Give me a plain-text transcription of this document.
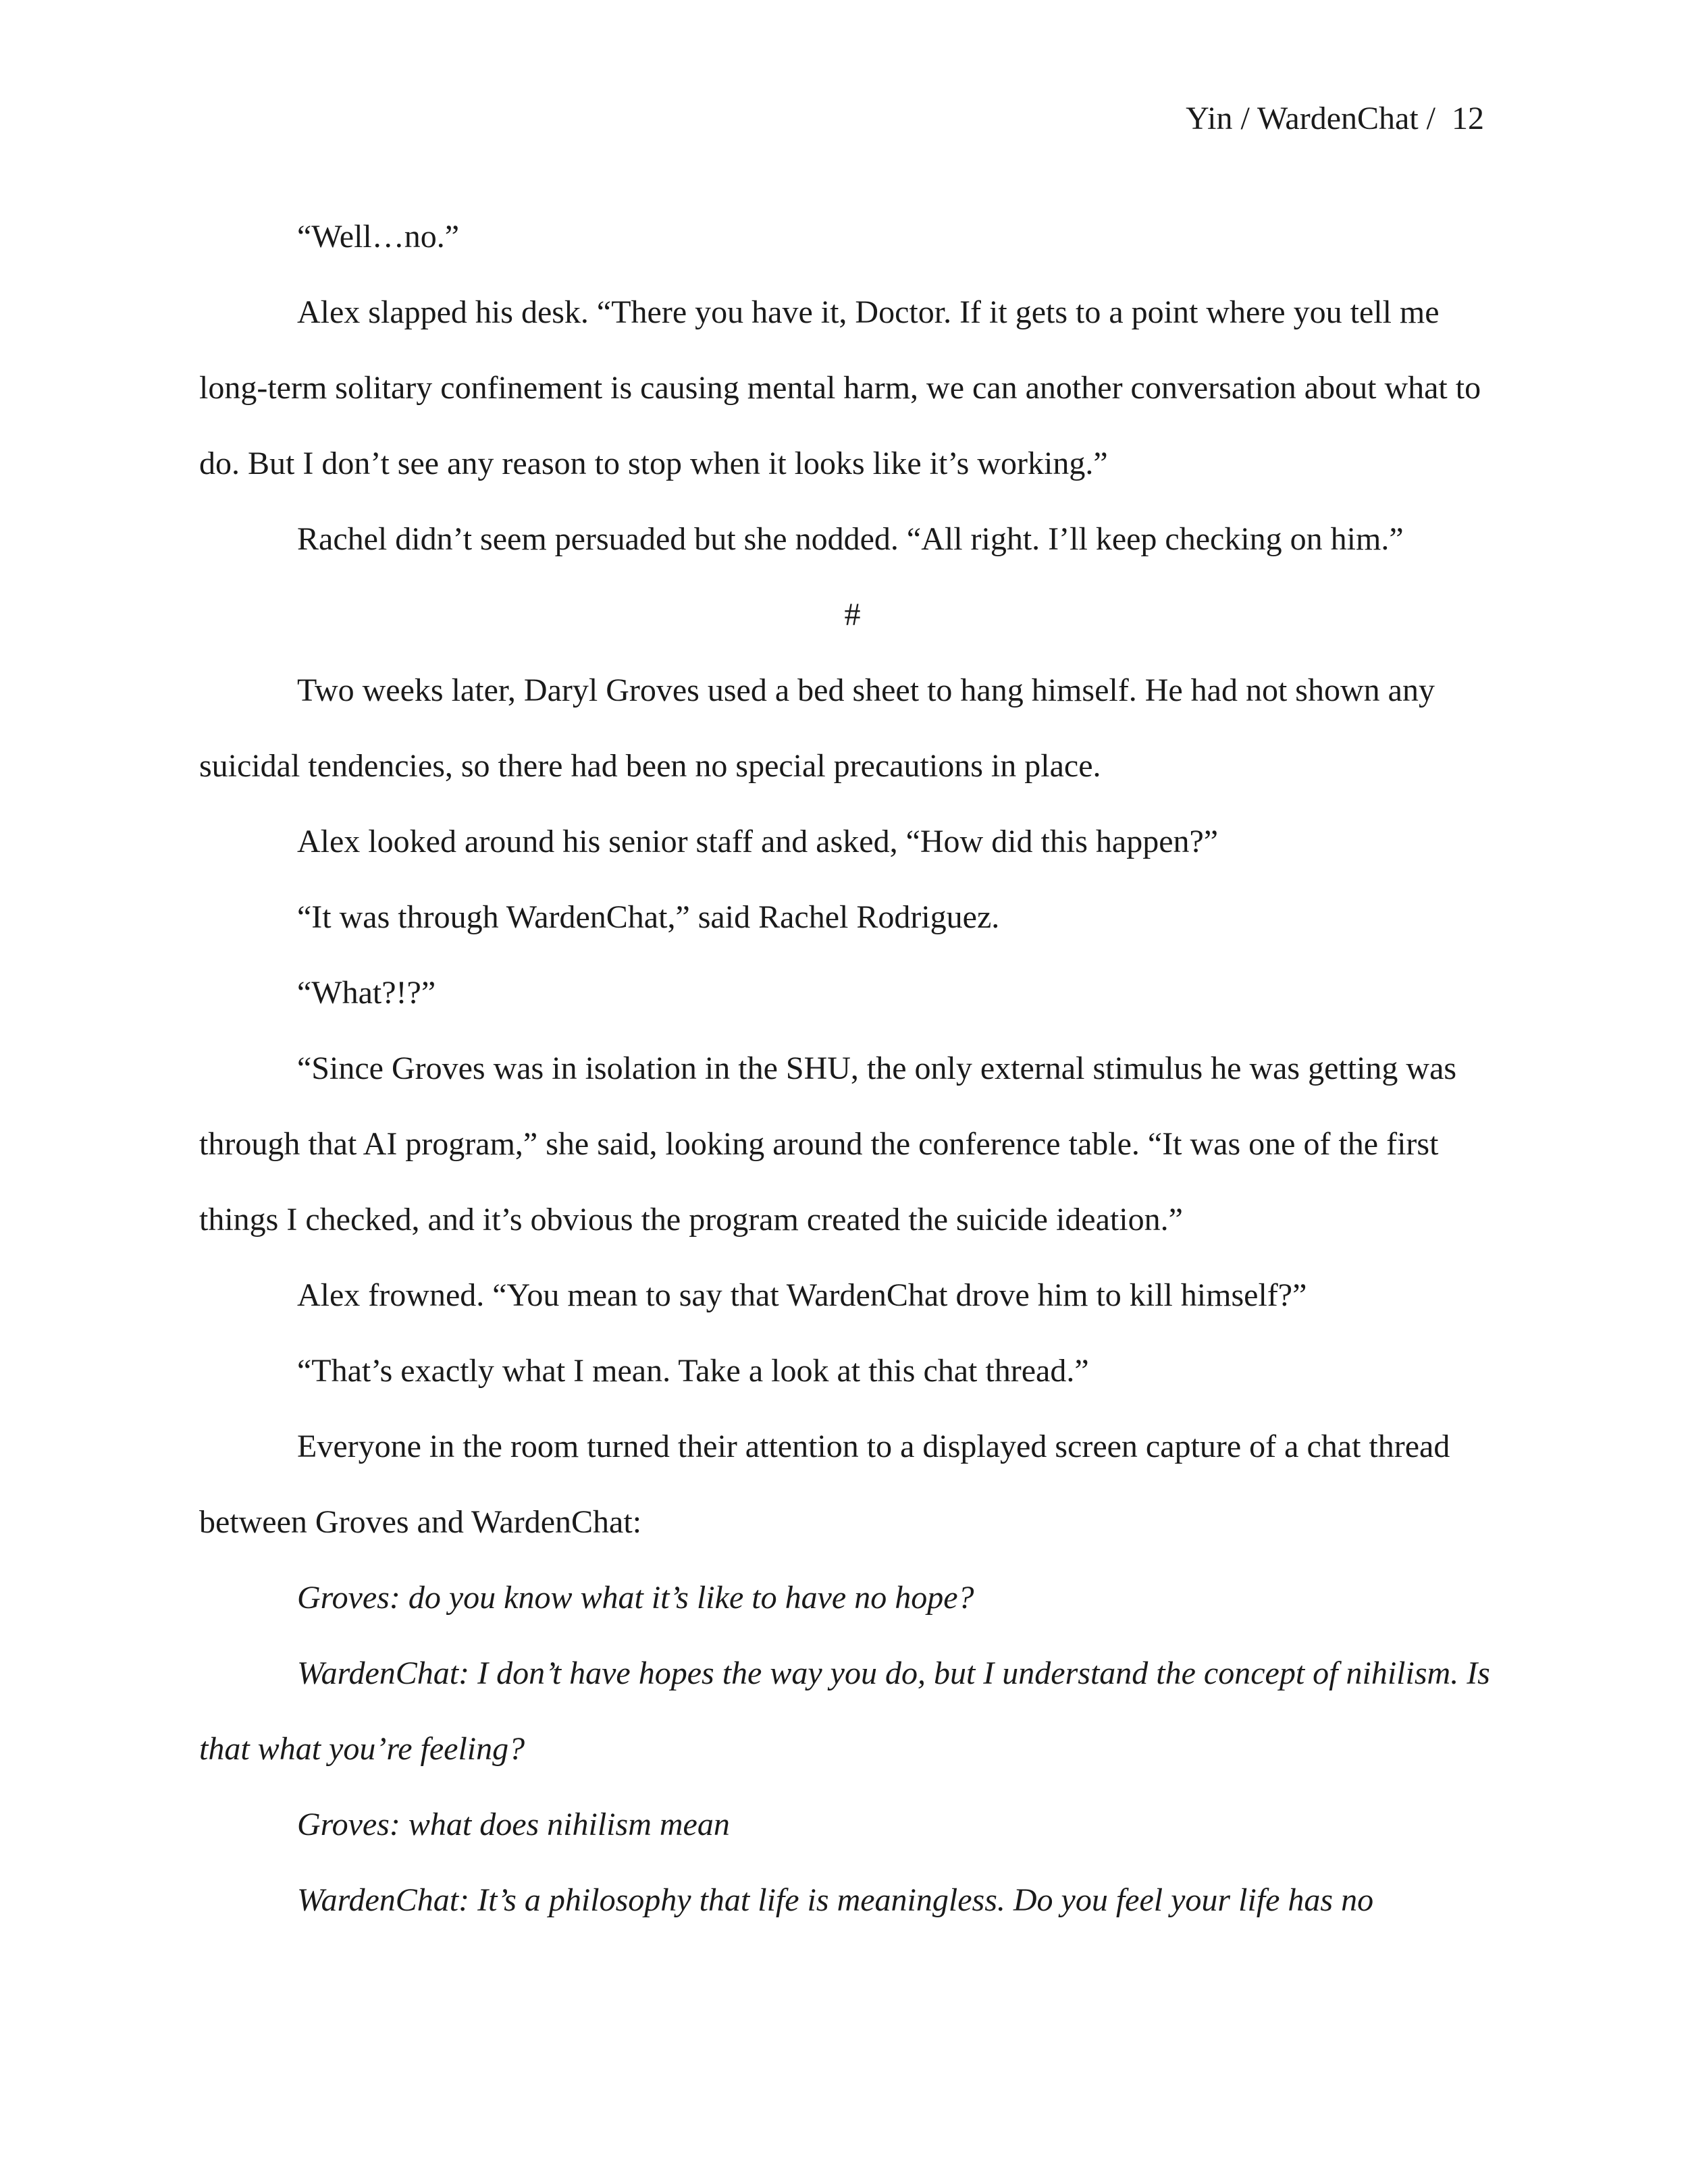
Yin / WardenChat /  12

“Well…no.”

Alex slapped his desk. “There you have it, Doctor. If it gets to a point where you tell me long-term solitary confinement is causing mental harm, we can another conversation about what to do. But I don’t see any reason to stop when it looks like it’s working.”

Rachel didn’t seem persuaded but she nodded. “All right. I’ll keep checking on him.”

#

Two weeks later, Daryl Groves used a bed sheet to hang himself. He had not shown any suicidal tendencies, so there had been no special precautions in place.

Alex looked around his senior staff and asked, “How did this happen?”

“It was through WardenChat,” said Rachel Rodriguez.

“What?!?”

“Since Groves was in isolation in the SHU, the only external stimulus he was getting was through that AI program,” she said, looking around the conference table. “It was one of the first things I checked, and it’s obvious the program created the suicide ideation.”

Alex frowned. “You mean to say that WardenChat drove him to kill himself?”

“That’s exactly what I mean. Take a look at this chat thread.”

Everyone in the room turned their attention to a displayed screen capture of a chat thread between Groves and WardenChat:

Groves: do you know what it’s like to have no hope?

WardenChat: I don’t have hopes the way you do, but I understand the concept of nihilism. Is that what you’re feeling?

Groves: what does nihilism mean

WardenChat: It’s a philosophy that life is meaningless. Do you feel your life has no
